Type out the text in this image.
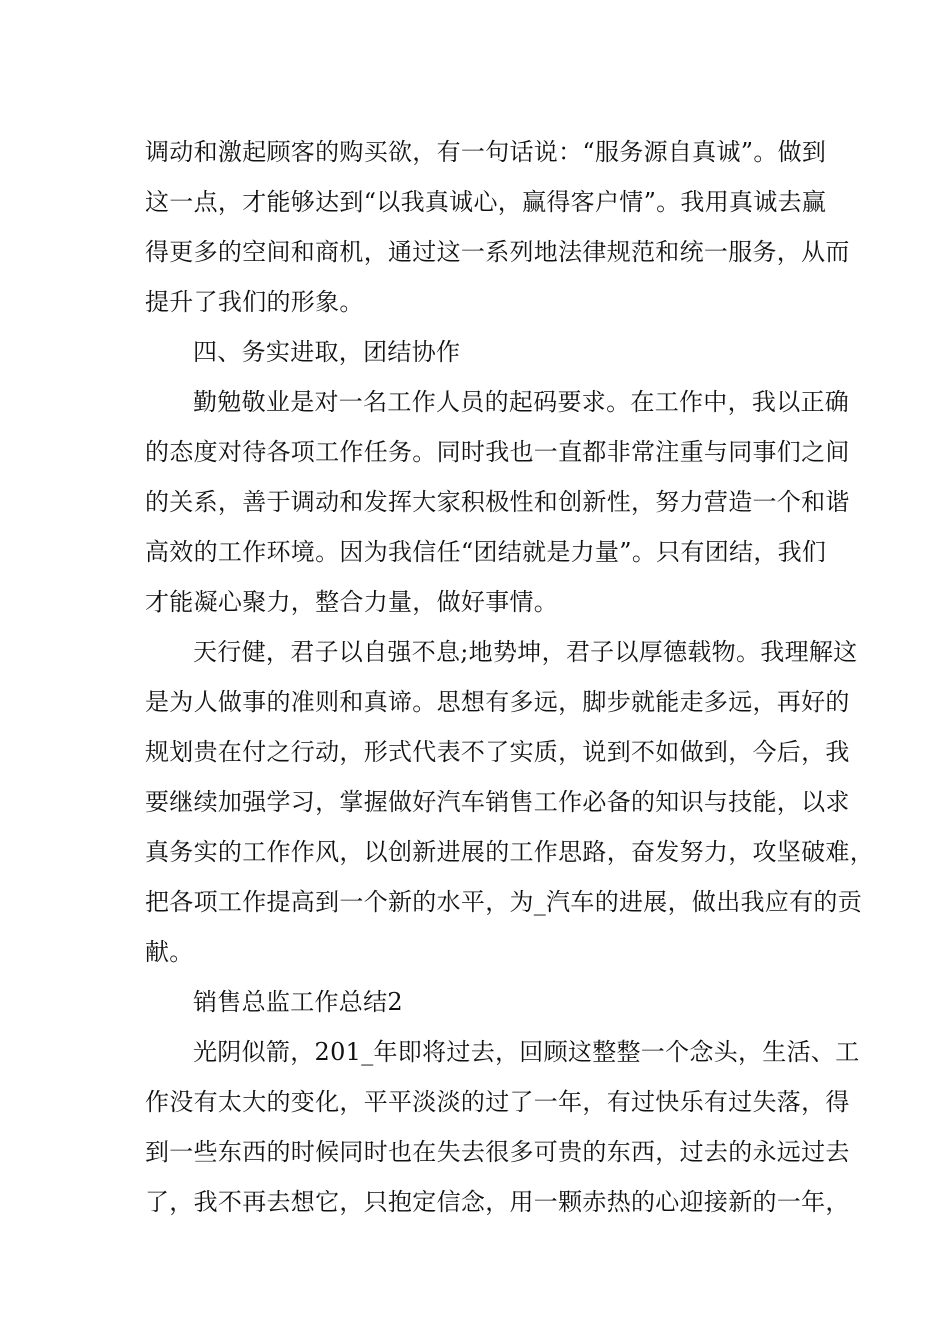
调动和激起顾客的购买欲，有一句话说：“服务源自真诚”。做到
这一点，才能够达到“以我真诚心，赢得客户情”。我用真诚去赢
得更多的空间和商机，通过这一系列地法律规范和统一服务，从而
提升了我们的形象。
四、务实进取，团结协作
勤勉敬业是对一名工作人员的起码要求。在工作中，我以正确
的态度对待各项工作任务。同时我也一直都非常注重与同事们之间
的关系，善于调动和发挥大家积极性和创新性，努力营造一个和谐
高效的工作环境。因为我信任“团结就是力量”。只有团结，我们
才能凝心聚力，整合力量，做好事情。
天行健，君子以自强不息;地势坤，君子以厚德载物。我理解这
是为人做事的准则和真谛。思想有多远，脚步就能走多远，再好的
规划贵在付之行动，形式代表不了实质，说到不如做到，今后，我
要继续加强学习，掌握做好汽车销售工作必备的知识与技能，以求
真务实的工作作风，以创新进展的工作思路，奋发努力，攻坚破难，
把各项工作提高到一个新的水平，为_汽车的进展，做出我应有的贡
献。
销售总监工作总结2
光阴似箭，201_年即将过去，回顾这整整一个念头，生活、工
作没有太大的变化，平平淡淡的过了一年，有过快乐有过失落，得
到一些东西的时候同时也在失去很多可贵的东西，过去的永远过去
了，我不再去想它，只抱定信念，用一颗赤热的心迎接新的一年，
